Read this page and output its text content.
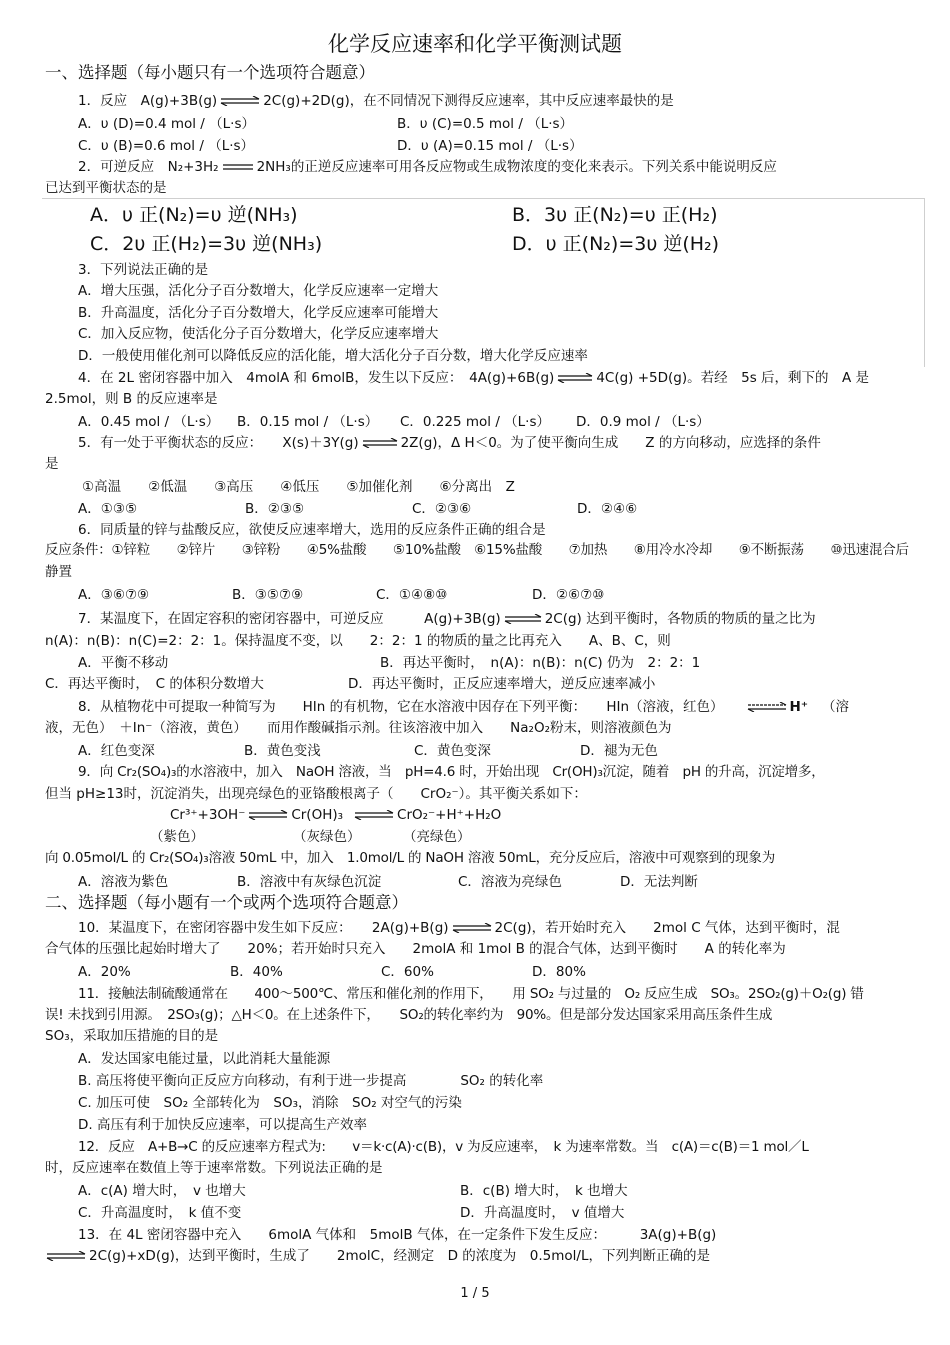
化学反应速率和化学平衡测试题
一、选择题（每小题只有一个选项符合题意）
1．反应　A(g)+3B(g) ⇌ 2C(g)+2D(g)，在不同情况下测得反应速率，其中反应速率最快的是
A．υ (D)=0.4 mol / （L·s）	B．υ (C)=0.5 mol / （L·s）
C．υ (B)=0.6 mol / （L·s）	D．υ (A)=0.15 mol / （L·s）
2．可逆反应　N₂+3H₂	2NH₃的正逆反应速率可用各反应物或生成物浓度的变化来表示。下列关系中能说明反应
已达到平衡状态的是
A．υ 正(N₂)=υ 逆(NH₃)	B．3υ 正(N₂)=υ 正(H₂)
C．2υ 正(H₂)=3υ 逆(NH₃)	D．υ 正(N₂)=3υ 逆(H₂)
3．下列说法正确的是
A．增大压强，活化分子百分数增大，化学反应速率一定增大
B．升高温度，活化分子百分数增大，化学反应速率可能增大
C．加入反应物，使活化分子百分数增大，化学反应速率增大
D．一般使用催化剂可以降低反应的活化能，增大活化分子百分数，增大化学反应速率
4．在 2L 密闭容器中加入　4molA 和 6molB，发生以下反应：　4A(g)+6B(g) ⇌ 4C(g) +5D(g)。若经　5s 后，剩下的　A 是
2.5mol，则 B 的反应速率是
A．0.45 mol / （L·s） B．0.15 mol / （L·s） C．0.225 mol / （L·s） D．0.9 mol / （L·s）
5．有一处于平衡状态的反应：　　X(s)＋3Y(g) ⇌ 2Z(g)，Δ H＜0。为了使平衡向生成　　Z 的方向移动，应选择的条件
是
①高温　　②低温　　③高压　　④低压　　⑤加催化剂　　⑥分离出　Z
A．①③⑤	B．②③⑤	C．②③⑥	D．②④⑥
6．同质量的锌与盐酸反应，欲使反应速率增大，选用的反应条件正确的组合是
反应条件：①锌粒　　②锌片　　③锌粉　　④5%盐酸　　⑤10%盐酸　⑥15%盐酸　　⑦加热　　⑧用冷水冷却　　⑨不断振荡　　⑩迅速混合后
静置
A．③⑥⑦⑨	B．③⑤⑦⑨	C．①④⑧⑩	D．②⑥⑦⑩
7．某温度下，在固定容积的密闭容器中，可逆反应　　　A(g)+3B(g) ⇌ 2C(g) 达到平衡时，各物质的物质的量之比为
n(A)：n(B)：n(C)=2：2：1。保持温度不变，以　　2：2：1 的物质的量之比再充入　　A、B、C，则
A．平衡不移动	B．再达平衡时，　n(A)：n(B)：n(C) 仍为　2：2：1
C．再达平衡时，　C 的体积分数增大	D．再达平衡时，正反应速率增大，逆反应速率减小
8．从植物花中可提取一种简写为　　HIn 的有机物，它在水溶液中因存在下列平衡：　　HIn（溶液，红色） ⇌ H⁺ （溶
液，无色）　＋In⁻（溶液，黄色）　　而用作酸碱指示剂。往该溶液中加入　　Na₂O₂粉末，则溶液颜色为
A．红色变深	B．黄色变浅	C．黄色变深	D．褪为无色
9．向 Cr₂(SO₄)₃的水溶液中，加入　NaOH 溶液，当　pH=4.6 时，开始出现　Cr(OH)₃沉淀，随着　pH 的升高，沉淀增多，
但当 pH≥13时，沉淀消失，出现亮绿色的亚铬酸根离子（　　CrO₂⁻）。其平衡关系如下：
Cr³⁺+3OH⁻ ⇌ Cr(OH)₃ ⇌ CrO₂⁻+H⁺+H₂O
（紫色）	（灰绿色）	（亮绿色）
向 0.05mol/L 的 Cr₂(SO₄)₃溶液 50mL 中，加入　1.0mol/L 的 NaOH 溶液 50mL，充分反应后，溶液中可观察到的现象为
A．溶液为紫色	B．溶液中有灰绿色沉淀	C．溶液为亮绿色	D．无法判断
二、选择题（每小题有一个或两个选项符合题意）
10．某温度下，在密闭容器中发生如下反应：　　2A(g)+B(g) ⇌ 2C(g)，若开始时充入　　2mol C 气体，达到平衡时，混
合气体的压强比起始时增大了　　20%；若开始时只充入　　2molA 和 1mol B 的混合气体，达到平衡时　　A 的转化率为
A．20%	B．40%	C．60%	D．80%
11．接触法制硫酸通常在　　400～500℃、常压和催化剂的作用下，　　用 SO₂ 与过量的　O₂ 反应生成　SO₃。2SO₂(g)＋O₂(g) 错
误! 未找到引用源。　2SO₃(g)；△H＜0。在上述条件下，　　SO₂的转化率约为　90%。但是部分发达国家采用高压条件生成
SO₃，采取加压措施的目的是
A．发达国家电能过量，以此消耗大量能源
B. 高压将使平衡向正反应方向移动，有利于进一步提高　　　　SO₂ 的转化率
C. 加压可使　SO₂ 全部转化为　SO₃，消除　SO₂ 对空气的污染
D. 高压有利于加快反应速率，可以提高生产效率
12．反应　A+B→C 的反应速率方程式为:　　v＝k·c(A)·c(B)，v 为反应速率，　k 为速率常数。当　c(A)＝c(B)＝1 mol／L
时，反应速率在数值上等于速率常数。下列说法正确的是
A．c(A) 增大时，　v 也增大	B．c(B) 增大时，　k 也增大
C．升高温度时，　k 值不变	D．升高温度时，　v 值增大
13．在 4L 密闭容器中充入　　6molA 气体和　5molB 气体，在一定条件下发生反应：　　　3A(g)+B(g)
⇌ 2C(g)+xD(g)，达到平衡时，生成了　　2molC，经测定　D 的浓度为　0.5mol/L，下列判断正确的是
1 / 5
